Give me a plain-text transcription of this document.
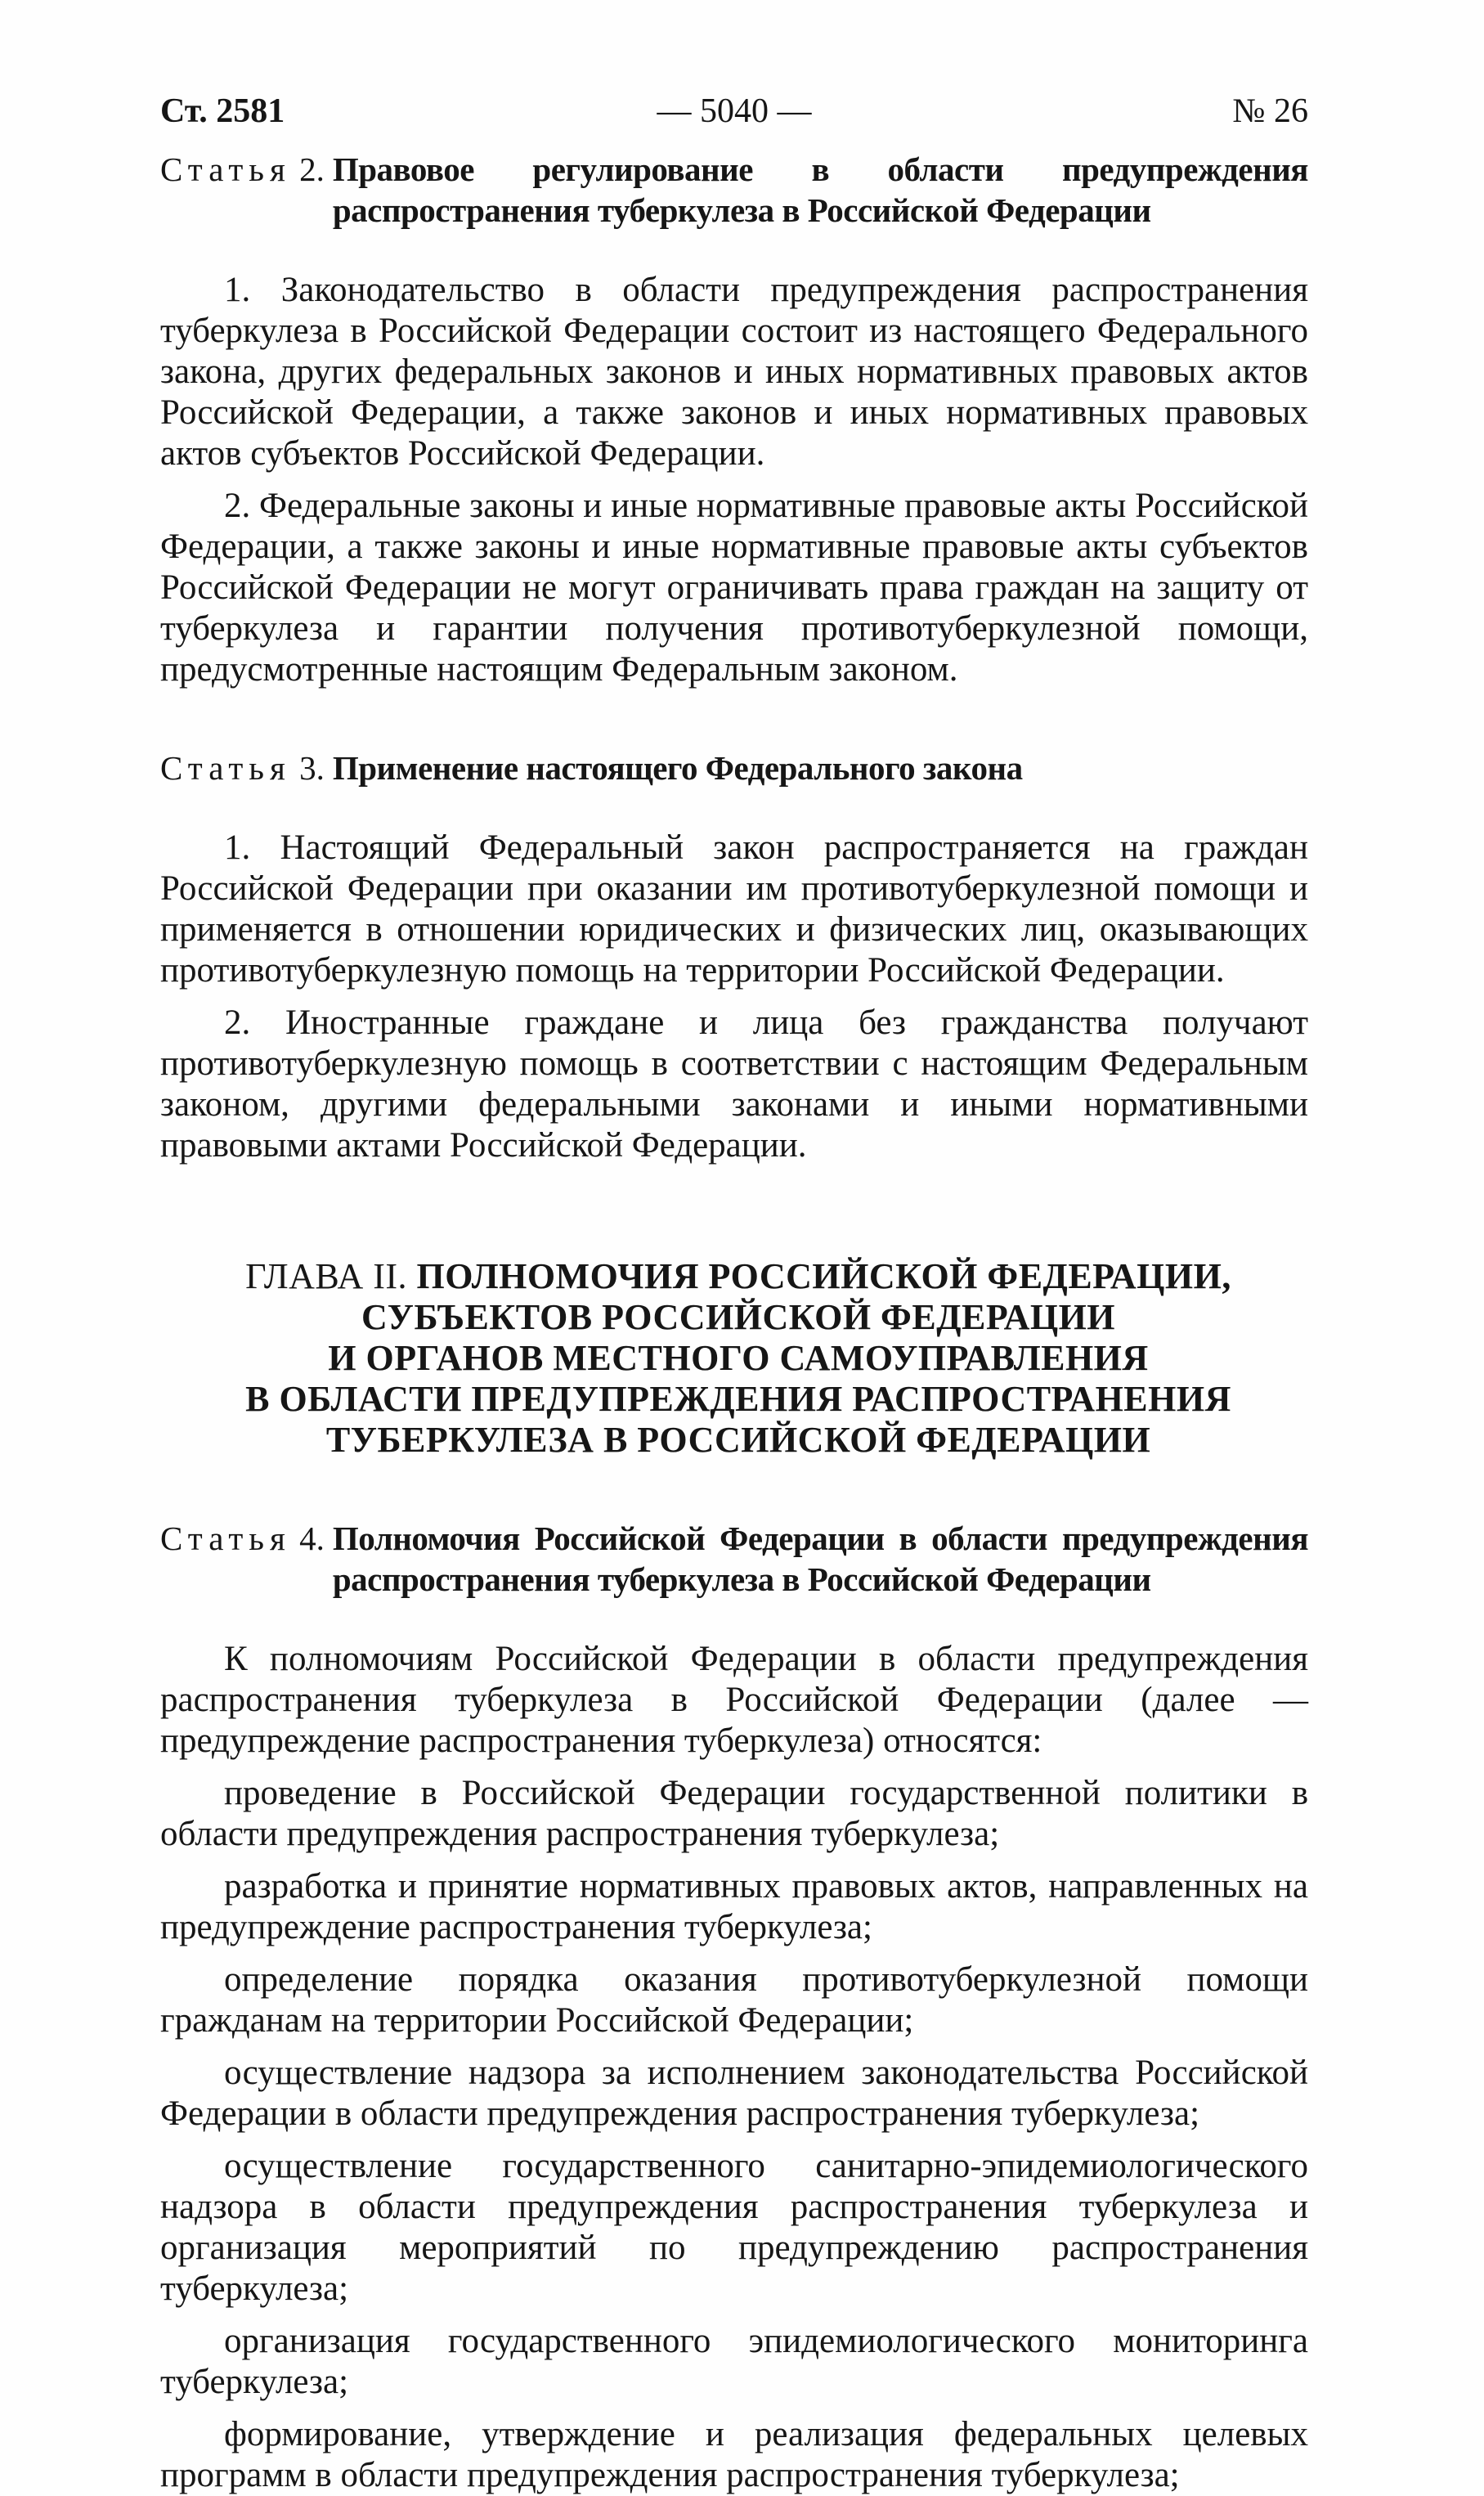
Ст. 2581	— 5040 —	№ 26
Статья 2. Правовое регулирование в области предупреждения распространения туберкулеза в Российской Федерации

1. Законодательство в области предупреждения распространения туберкулеза в Российской Федерации состоит из настоящего Федерального закона, других федеральных законов и иных нормативных правовых актов Российской Федерации, а также законов и иных нормативных правовых актов субъектов Российской Федерации.

2. Федеральные законы и иные нормативные правовые акты Российской Федерации, а также законы и иные нормативные правовые акты субъектов Российской Федерации не могут ограничивать права граждан на защиту от туберкулеза и гарантии получения противотуберкулезной помощи, предусмотренные настоящим Федеральным законом.

Статья 3. Применение настоящего Федерального закона

1. Настоящий Федеральный закон распространяется на граждан Российской Федерации при оказании им противотуберкулезной помощи и применяется в отношении юридических и физических лиц, оказывающих противотуберкулезную помощь на территории Российской Федерации.

2. Иностранные граждане и лица без гражданства получают противотуберкулезную помощь в соответствии с настоящим Федеральным законом, другими федеральными законами и иными нормативными правовыми актами Российской Федерации.

ГЛАВА II. ПОЛНОМОЧИЯ РОССИЙСКОЙ ФЕДЕРАЦИИ,
СУБЪЕКТОВ РОССИЙСКОЙ ФЕДЕРАЦИИ
И ОРГАНОВ МЕСТНОГО САМОУПРАВЛЕНИЯ
В ОБЛАСТИ ПРЕДУПРЕЖДЕНИЯ РАСПРОСТРАНЕНИЯ
ТУБЕРКУЛЕЗА В РОССИЙСКОЙ ФЕДЕРАЦИИ
Статья 4. Полномочия Российской Федерации в области предупреждения распространения туберкулеза в Российской Федерации

К полномочиям Российской Федерации в области предупреждения распространения туберкулеза в Российской Федерации (далее — предупреждение распространения туберкулеза) относятся:

проведение в Российской Федерации государственной политики в области предупреждения распространения туберкулеза;

разработка и принятие нормативных правовых актов, направленных на предупреждение распространения туберкулеза;

определение порядка оказания противотуберкулезной помощи гражданам на территории Российской Федерации;

осуществление надзора за исполнением законодательства Российской Федерации в области предупреждения распространения туберкулеза;

осуществление государственного санитарно-эпидемиологического надзора в области предупреждения распространения туберкулеза и организация мероприятий по предупреждению распространения туберкулеза;

организация государственного эпидемиологического мониторинга туберкулеза;

формирование, утверждение и реализация федеральных целевых программ в области предупреждения распространения туберкулеза;
